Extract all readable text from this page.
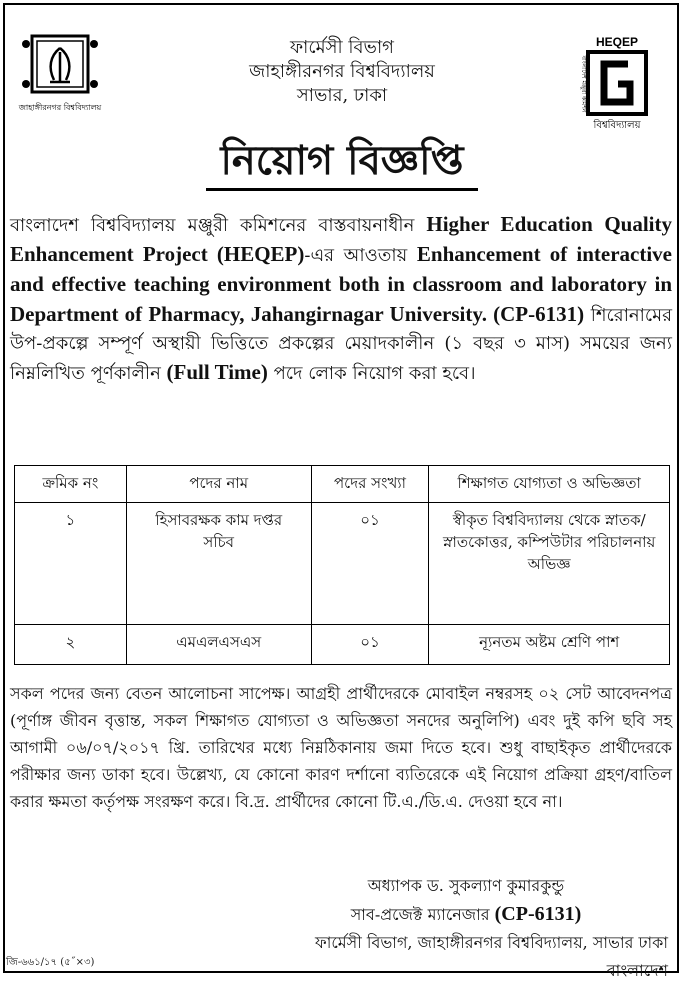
জাহাঙ্গীরনগর বিশ্ববিদ্যালয়
HEQEP
বাংলাদেশ মঞ্জুরী কমিশন
বিশ্ববিদ্যালয়
ফার্মেসী বিভাগ
জাহাঙ্গীরনগর বিশ্ববিদ্যালয়
সাভার, ঢাকা
নিয়োগ বিজ্ঞপ্তি
বাংলাদেশ বিশ্ববিদ্যালয় মঞ্জুরী কমিশনের বাস্তবায়নাধীন Higher Education Quality Enhancement Project (HEQEP)-এর আওতায় Enhancement of interactive and effective teaching environment both in classroom and laboratory in Department of Pharmacy, Jahangirnagar University. (CP-6131) শিরোনামের উপ-প্রকল্পে সম্পূর্ণ অস্থায়ী ভিত্তিতে প্রকল্পের মেয়াদকালীন (১ বছর ৩ মাস) সময়ের জন্য নিম্নলিখিত পূর্ণকালীন (Full Time) পদে লোক নিয়োগ করা হবে।
ক্রমিক নং	পদের নাম	পদের সংখ্যা	শিক্ষাগত যোগ্যতা ও অভিজ্ঞতা
১	হিসাবরক্ষক কাম দপ্তর সচিব	০১	স্বীকৃত বিশ্ববিদ্যালয় থেকে স্নাতক/স্নাতকোত্তর, কম্পিউটার পরিচালনায় অভিজ্ঞ
২	এমএলএসএস	০১	ন্যূনতম অষ্টম শ্রেণি পাশ
সকল পদের জন্য বেতন আলোচনা সাপেক্ষ। আগ্রহী প্রার্থীদেরকে মোবাইল নম্বরসহ ০২ সেট আবেদনপত্র (পূর্ণাঙ্গ জীবন বৃত্তান্ত, সকল শিক্ষাগত যোগ্যতা ও অভিজ্ঞতা সনদের অনুলিপি) এবং দুই কপি ছবি সহ আগামী ০৬/০৭/২০১৭ খ্রি. তারিখের মধ্যে নিম্নঠিকানায় জমা দিতে হবে। শুধু বাছাইকৃত প্রার্থীদেরকে পরীক্ষার জন্য ডাকা হবে। উল্লেখ্য, যে কোনো কারণ দর্শানো ব্যতিরেকে এই নিয়োগ প্রক্রিয়া গ্রহণ/বাতিল করার ক্ষমতা কর্তৃপক্ষ সংরক্ষণ করে। বি.দ্র. প্রার্থীদের কোনো টি.এ./ডি.এ. দেওয়া হবে না।
অধ্যাপক ড. সুকল্যাণ কুমারকুন্ডু
সাব-প্রজেক্ট ম্যানেজার (CP-6131)
ফার্মেসী বিভাগ, জাহাঙ্গীরনগর বিশ্ববিদ্যালয়, সাভার ঢাকা বাংলাদেশ
জি-৬৬১/১৭ (৫˝×৩)
